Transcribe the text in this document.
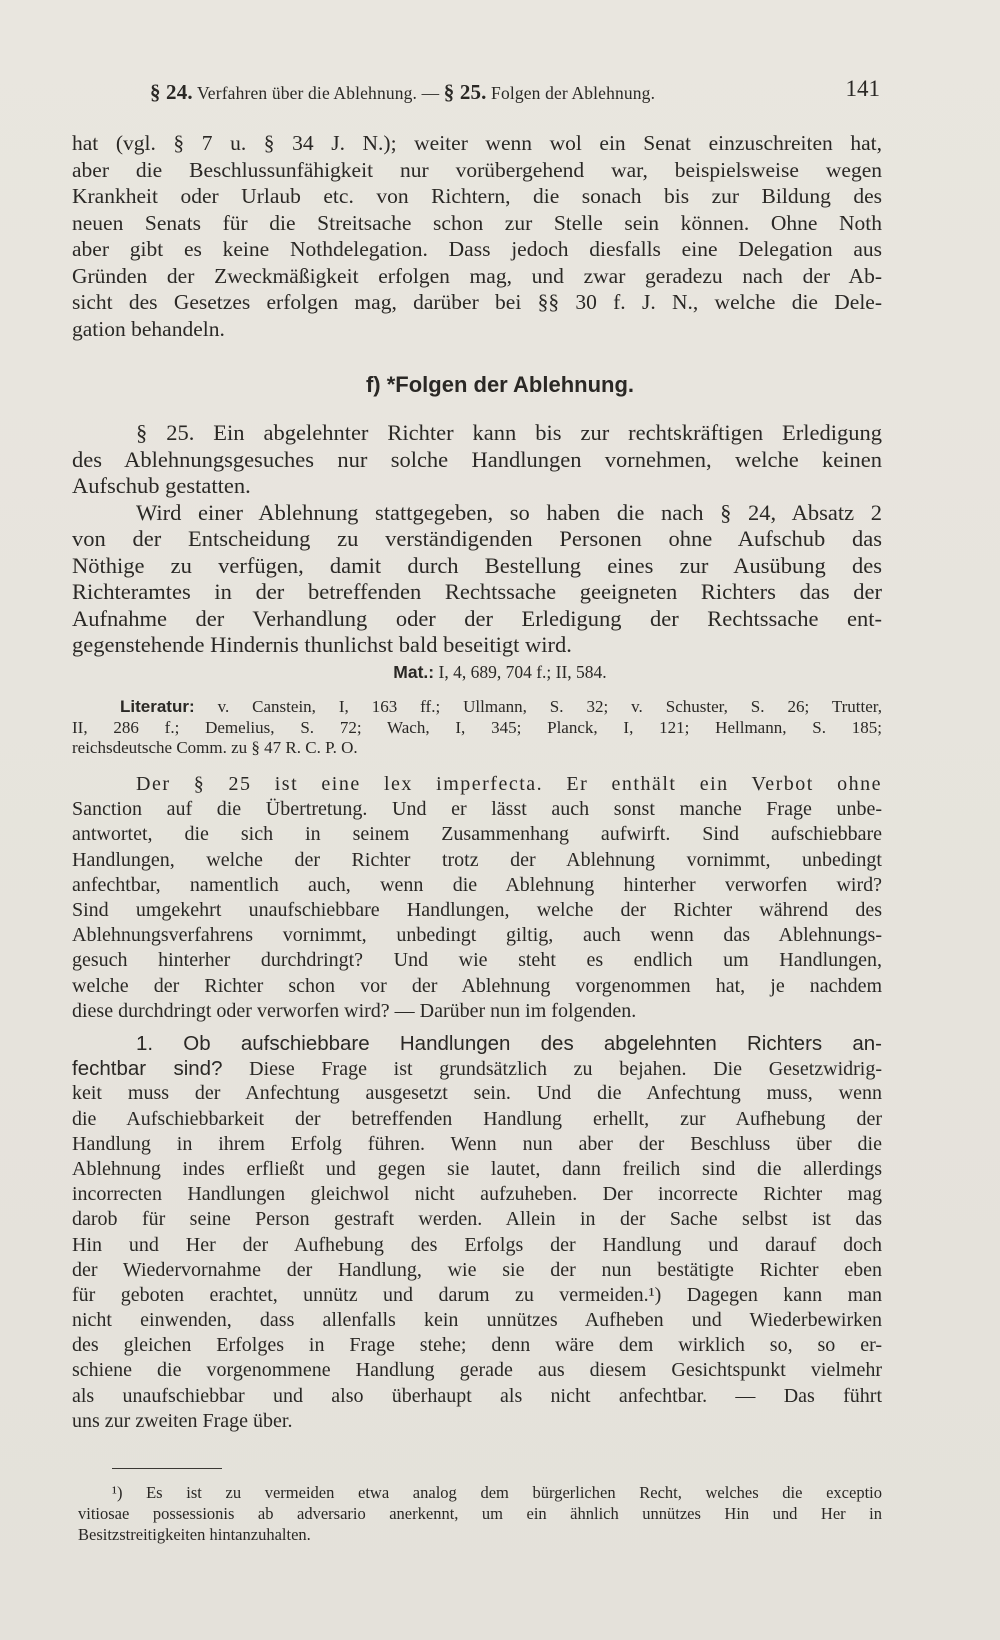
§ 24. Verfahren über die Ablehnung. — § 25. Folgen der Ablehnung.	141
hat (vgl. § 7 u. § 34 J. N.); weiter wenn wol ein Senat einzuschreiten hat,
aber die Beschlussunfähigkeit nur vorübergehend war, beispielsweise wegen
Krankheit oder Urlaub etc. von Richtern, die sonach bis zur Bildung des
neuen Senats für die Streitsache schon zur Stelle sein können. Ohne Noth
aber gibt es keine Nothdelegation. Dass jedoch diesfalls eine Delegation aus
Gründen der Zweckmäßigkeit erfolgen mag, und zwar geradezu nach der Ab-
sicht des Gesetzes erfolgen mag, darüber bei §§ 30 f. J. N., welche die Dele-
gation behandeln.
f) *Folgen der Ablehnung.
§ 25. Ein abgelehnter Richter kann bis zur rechtskräftigen Erledigung
des Ablehnungsgesuches nur solche Handlungen vornehmen, welche keinen
Aufschub gestatten.
Wird einer Ablehnung stattgegeben, so haben die nach § 24, Absatz 2
von der Entscheidung zu verständigenden Personen ohne Aufschub das
Nöthige zu verfügen, damit durch Bestellung eines zur Ausübung des
Richteramtes in der betreffenden Rechtssache geeigneten Richters das der
Aufnahme der Verhandlung oder der Erledigung der Rechtssache ent-
gegenstehende Hindernis thunlichst bald beseitigt wird.
Mat.: I, 4, 689, 704 f.; II, 584.
Literatur: v. Canstein, I, 163 ff.; Ullmann, S. 32; v. Schuster, S. 26; Trutter,
II, 286 f.; Demelius, S. 72; Wach, I, 345; Planck, I, 121; Hellmann, S. 185;
reichsdeutsche Comm. zu § 47 R. C. P. O.
Der § 25 ist eine lex imperfecta. Er enthält ein Verbot ohne
Sanction auf die Übertretung. Und er lässt auch sonst manche Frage unbe-
antwortet, die sich in seinem Zusammenhang aufwirft. Sind aufschiebbare
Handlungen, welche der Richter trotz der Ablehnung vornimmt, unbedingt
anfechtbar, namentlich auch, wenn die Ablehnung hinterher verworfen wird?
Sind umgekehrt unaufschiebbare Handlungen, welche der Richter während des
Ablehnungsverfahrens vornimmt, unbedingt giltig, auch wenn das Ablehnungs-
gesuch hinterher durchdringt? Und wie steht es endlich um Handlungen,
welche der Richter schon vor der Ablehnung vorgenommen hat, je nachdem
diese durchdringt oder verworfen wird? — Darüber nun im folgenden.
1. Ob aufschiebbare Handlungen des abgelehnten Richters an-
fechtbar sind? Diese Frage ist grundsätzlich zu bejahen. Die Gesetzwidrig-
keit muss der Anfechtung ausgesetzt sein. Und die Anfechtung muss, wenn
die Aufschiebbarkeit der betreffenden Handlung erhellt, zur Aufhebung der
Handlung in ihrem Erfolg führen. Wenn nun aber der Beschluss über die
Ablehnung indes erfließt und gegen sie lautet, dann freilich sind die allerdings
incorrecten Handlungen gleichwol nicht aufzuheben. Der incorrecte Richter mag
darob für seine Person gestraft werden. Allein in der Sache selbst ist das
Hin und Her der Aufhebung des Erfolgs der Handlung und darauf doch
der Wiedervornahme der Handlung, wie sie der nun bestätigte Richter eben
für geboten erachtet, unnütz und darum zu vermeiden.¹) Dagegen kann man
nicht einwenden, dass allenfalls kein unnützes Aufheben und Wiederbewirken
des gleichen Erfolges in Frage stehe; denn wäre dem wirklich so, so er-
schiene die vorgenommene Handlung gerade aus diesem Gesichtspunkt vielmehr
als unaufschiebbar und also überhaupt als nicht anfechtbar. — Das führt
uns zur zweiten Frage über.
¹) Es ist zu vermeiden etwa analog dem bürgerlichen Recht, welches die exceptio
vitiosae possessionis ab adversario anerkennt, um ein ähnlich unnützes Hin und Her in
Besitzstreitigkeiten hintanzuhalten.
